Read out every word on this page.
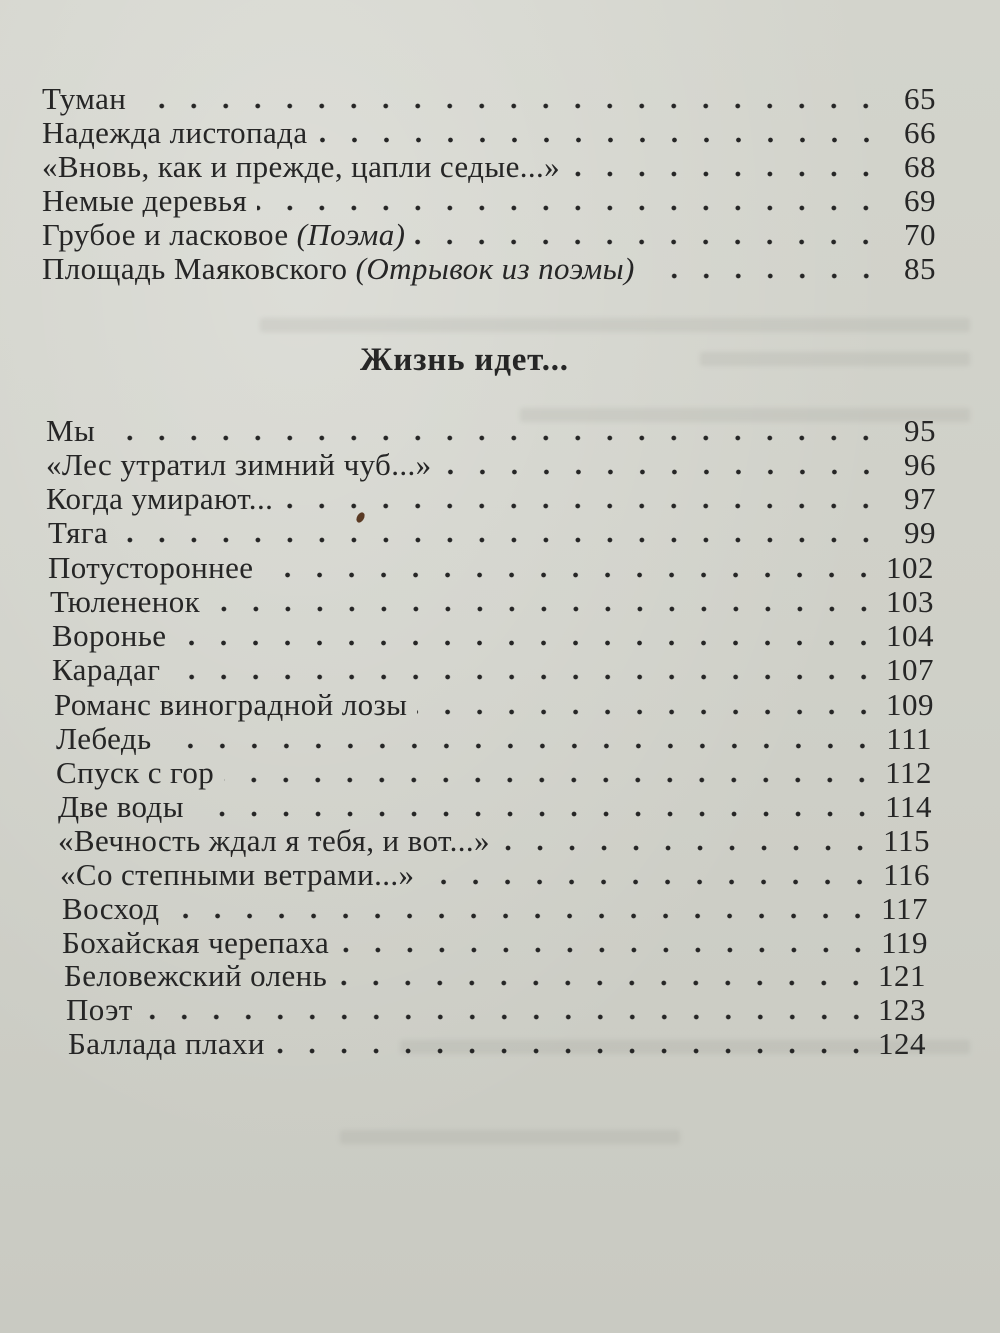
Туман	65
Надежда листопада	66
«Вновь, как и прежде, цапли седые...»	68
Немые деревья	69
Грубое и ласковое (Поэма)	70
Площадь Маяковского (Отрывок из поэмы)	85
Жизнь идет...
Мы	95
«Лес утратил зимний чуб...»	96
Когда умирают...	97
Тяга	99
Потустороннее	102
Тюлененок	103
Воронье	104
Карадаг	107
Романс виноградной лозы	109
Лебедь	111
Спуск с гор	112
Две воды	114
«Вечность ждал я тебя, и вот...»	115
«Со степными ветрами...»	116
Восход	117
Бохайская черепаха	119
Беловежский олень	121
Поэт	123
Баллада плахи	124
